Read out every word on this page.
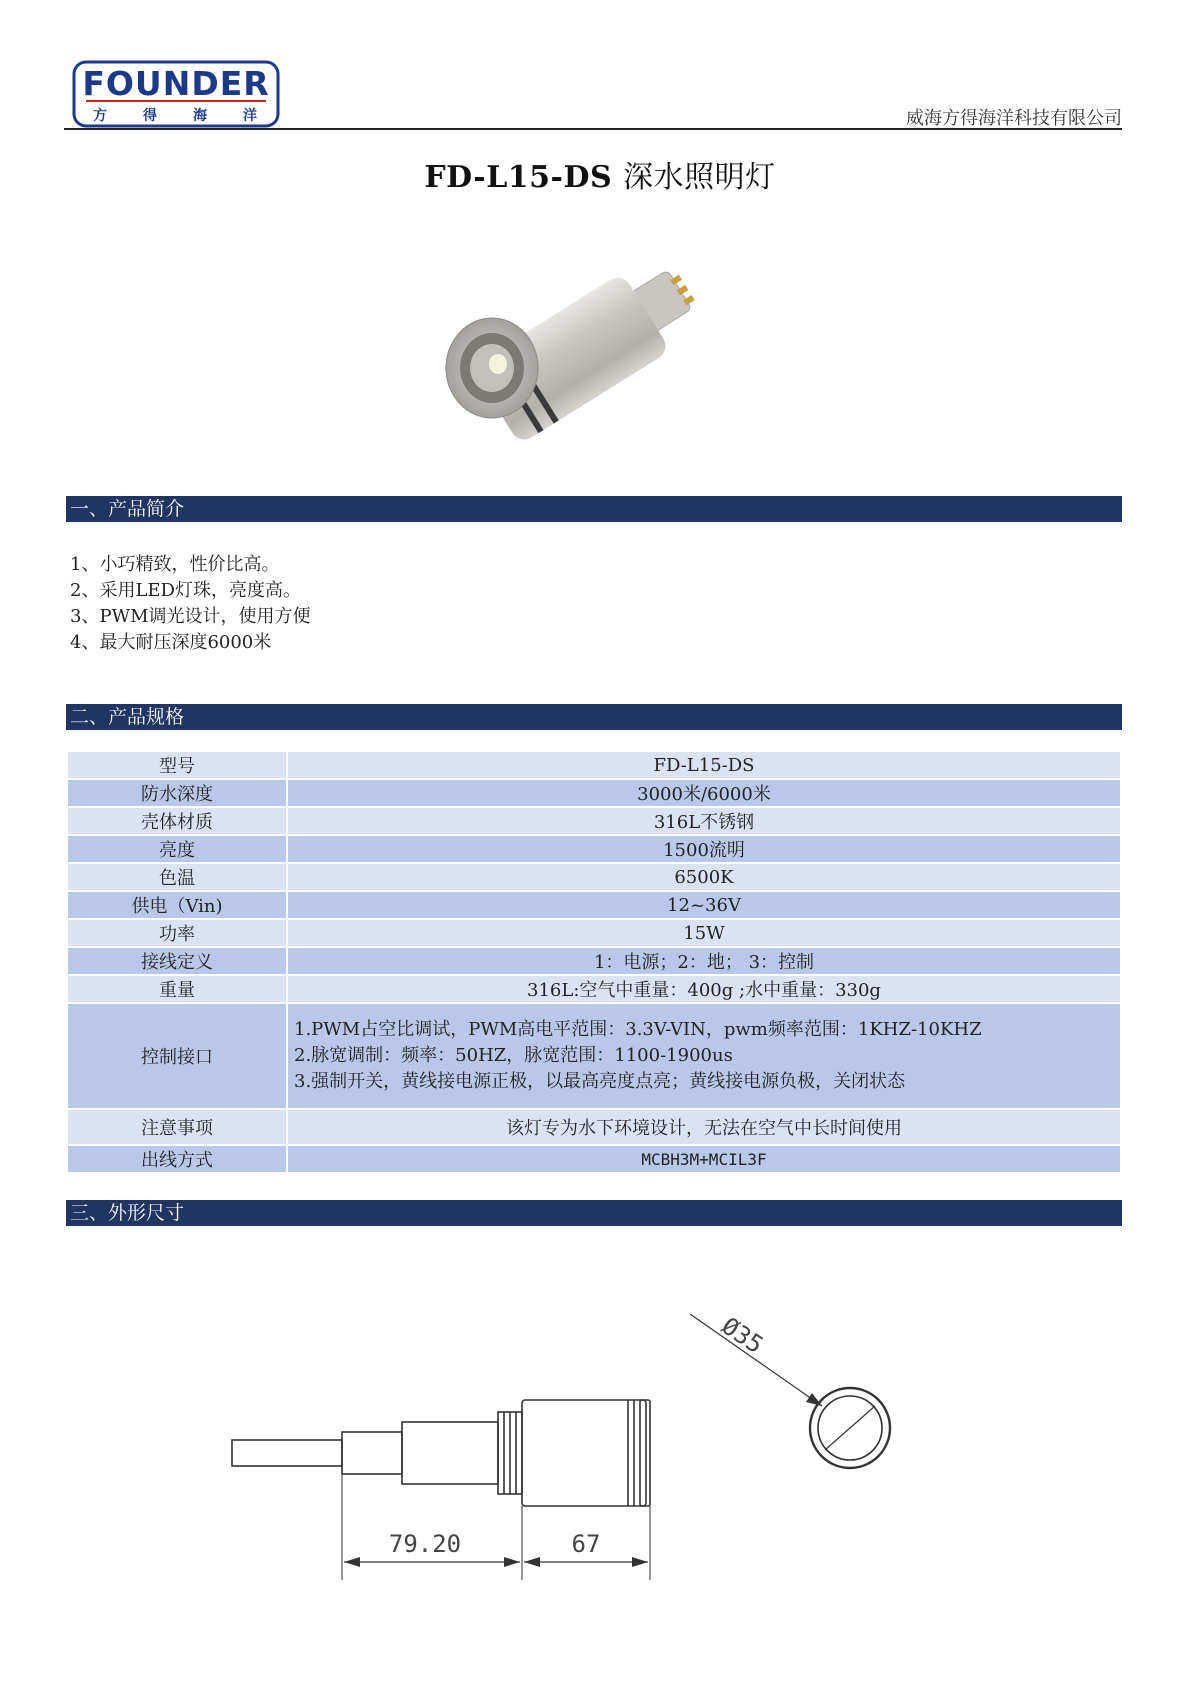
FOUNDER
方	得	海	洋	威海方得海洋科技有限公司
FD-L15-DS 深水照明灯
一、产品简介
1、小巧精致，性价比高。
2、采用LED灯珠，亮度高。
3、PWM调光设计，使用方便
4、最大耐压深度6000米
二、产品规格
型号	FD-L15-DS
防水深度	3000米/6000米
壳体材质	316L不锈钢
亮度	1500流明
色温	6500K
供电（Vin)	12~36V
功率	15W
接线定义	1：电源；2：地； 3：控制
重量	316L:空气中重量：400g ;水中重量：330g
控制接口	1.PWM占空比调试，PWM高电平范围：3.3V-VIN，pwm频率范围：1KHZ-10KHZ
2.脉宽调制：频率：50HZ，脉宽范围：1100-1900us
3.强制开关，黄线接电源正极，以最高亮度点亮；黄线接电源负极，关闭状态

注意事项	该灯专为水下环境设计，无法在空气中长时间使用
出线方式	MCBH3M+MCIL3F
三、外形尺寸
79.20	67
Ø35
